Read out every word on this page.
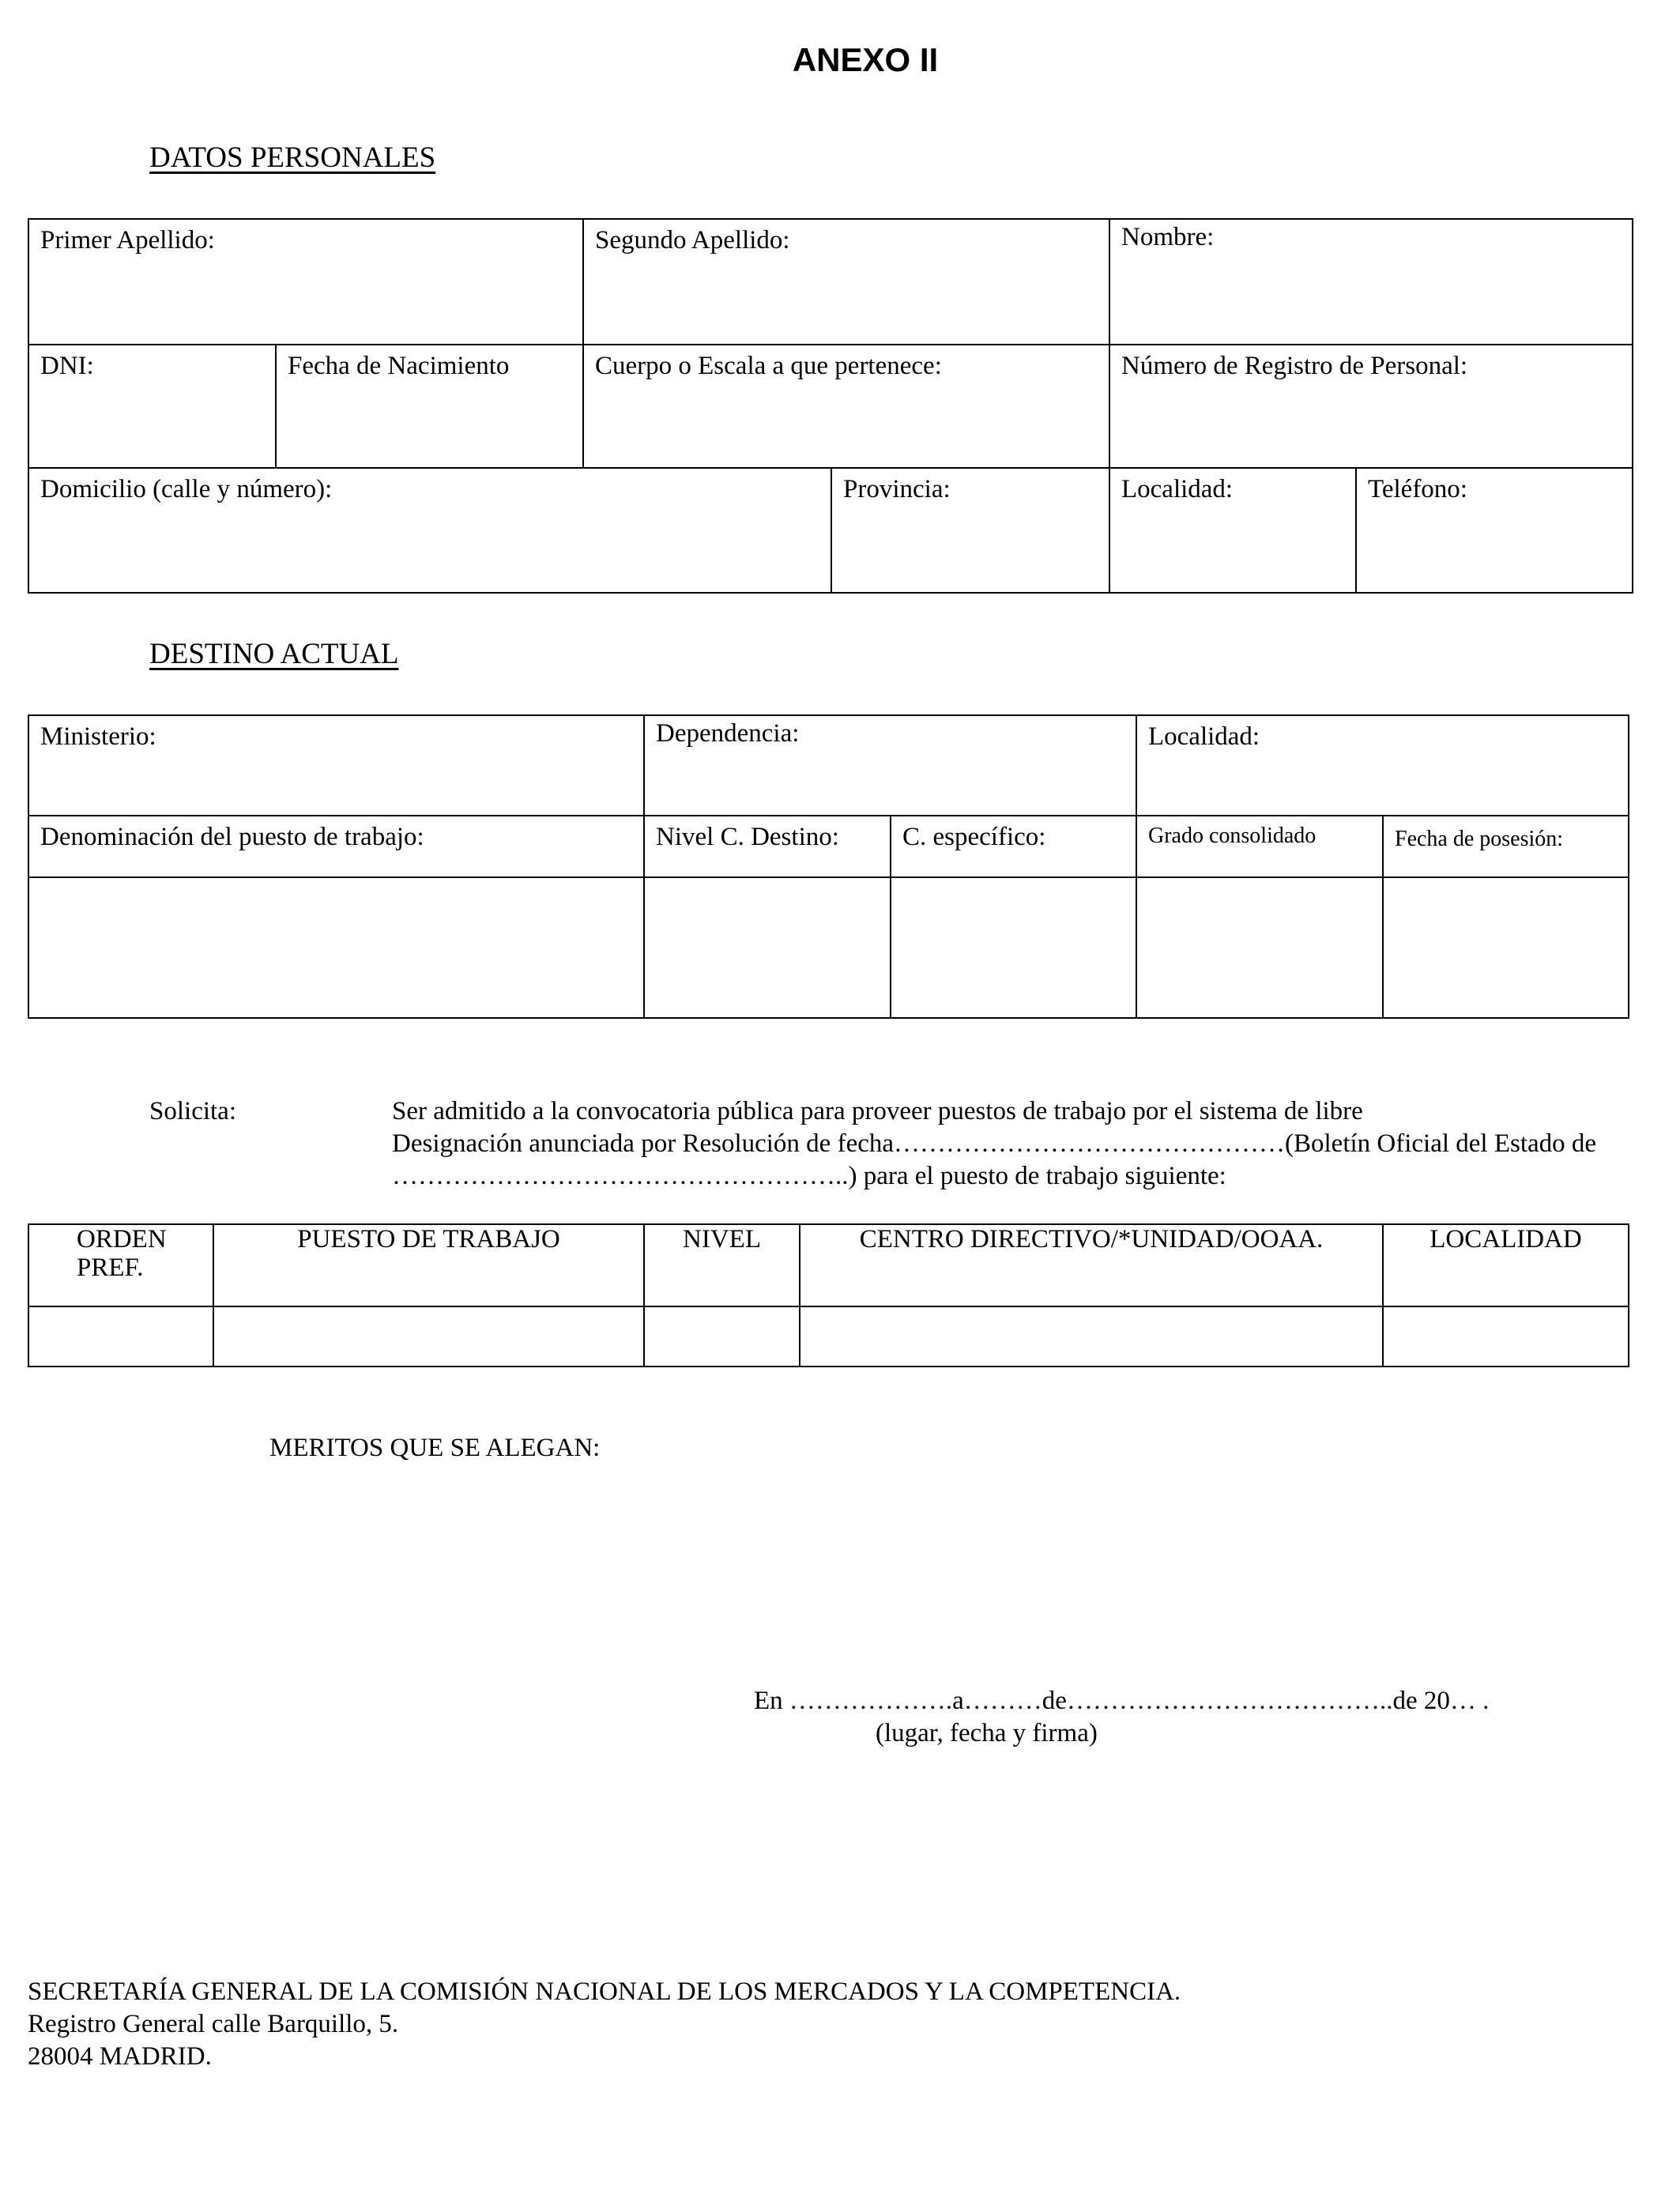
ANEXO II
DATOS PERSONALES
Primer Apellido:		Segundo Apellido:		Nombre:	

DNI:	Fecha de Nacimiento	Cuerpo o Escala a que pertenece:		Número de Registro de Personal:	

Domicilio (calle y número):			Provincia:	Localidad:	Teléfono:
DESTINO ACTUAL
Ministerio:	Dependencia:		Localidad:	

Denominación del puesto de trabajo:	Nivel C. Destino:	C. específico:	Grado consolidado	Fecha de posesión:

Solicita:	Ser admitido a la convocatoria pública para proveer puestos de trabajo por el sistema de libre
Designación anunciada por Resolución de fecha………………………………………(Boletín Oficial del Estado de
……………………………………………..) para el puesto de trabajo siguiente:
ORDEN
PREF.	PUESTO DE TRABAJO	NIVEL	CENTRO DIRECTIVO/*UNIDAD/OOAA.	LOCALIDAD

MERITOS QUE SE ALEGAN:
En ……………….a………de………………………………..de 20… .
(lugar, fecha y firma)
SECRETARÍA GENERAL DE LA COMISIÓN NACIONAL DE LOS MERCADOS Y LA COMPETENCIA.
Registro General calle Barquillo, 5.
28004 MADRID.
